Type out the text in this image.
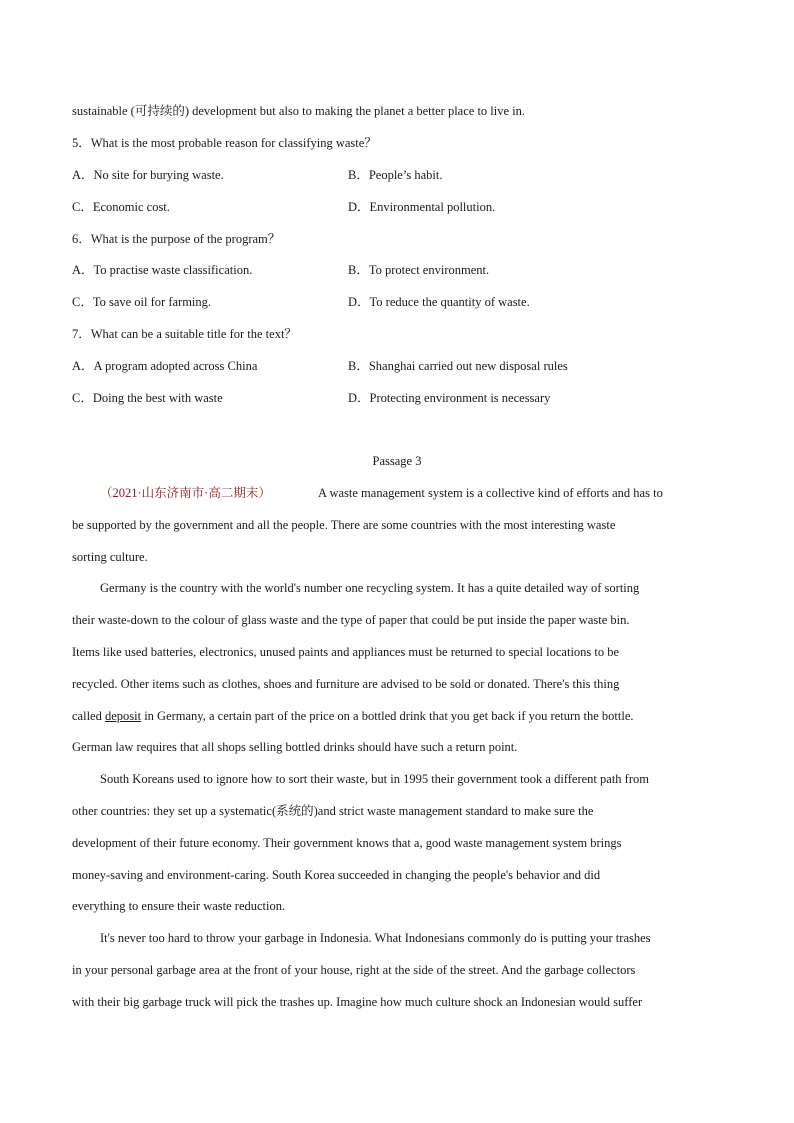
sustainable (可持续的) development but also to making the planet a better place to live in.

5．What is the most probable reason for classifying waste？

A．No site for burying waste.	B．People’s habit.

C．Economic cost.	D．Environmental pollution.

6．What is the purpose of the program？

A．To practise waste classification.	B．To protect environment.

C．To save oil for farming.	D．To reduce the quantity of waste.

7．What can be a suitable title for the text？

A．A program adopted across China	B．Shanghai carried out new disposal rules

C．Doing the best with waste	D．Protecting environment is necessary

Passage 3

（2021·山东济南市·高二期末）	A waste management system is a collective kind of efforts and has to

be supported by the government and all the people. There are some countries with the most interesting waste

sorting culture.

Germany is the country with the world's number one recycling system. It has a quite detailed way of sorting

their waste-down to the colour of glass waste and the type of paper that could be put inside the paper waste bin.

Items like used batteries, electronics, unused paints and appliances must be returned to special locations to be

recycled. Other items such as clothes, shoes and furniture are advised to be sold or donated. There's this thing

called deposit in Germany, a certain part of the price on a bottled drink that you get back if you return the bottle.

German law requires that all shops selling bottled drinks should have such a return point.

South Koreans used to ignore how to sort their waste, but in 1995 their government took a different path from

other countries: they set up a systematic(系统的)and strict waste management standard to make sure the

development of their future economy. Their government knows that a, good waste management system brings

money-saving and environment-caring. South Korea succeeded in changing the people's behavior and did

everything to ensure their waste reduction.

It's never too hard to throw your garbage in Indonesia. What Indonesians commonly do is putting your trashes

in your personal garbage area at the front of your house, right at the side of the street. And the garbage collectors

with their big garbage truck will pick the trashes up. Imagine how much culture shock an Indonesian would suffer
